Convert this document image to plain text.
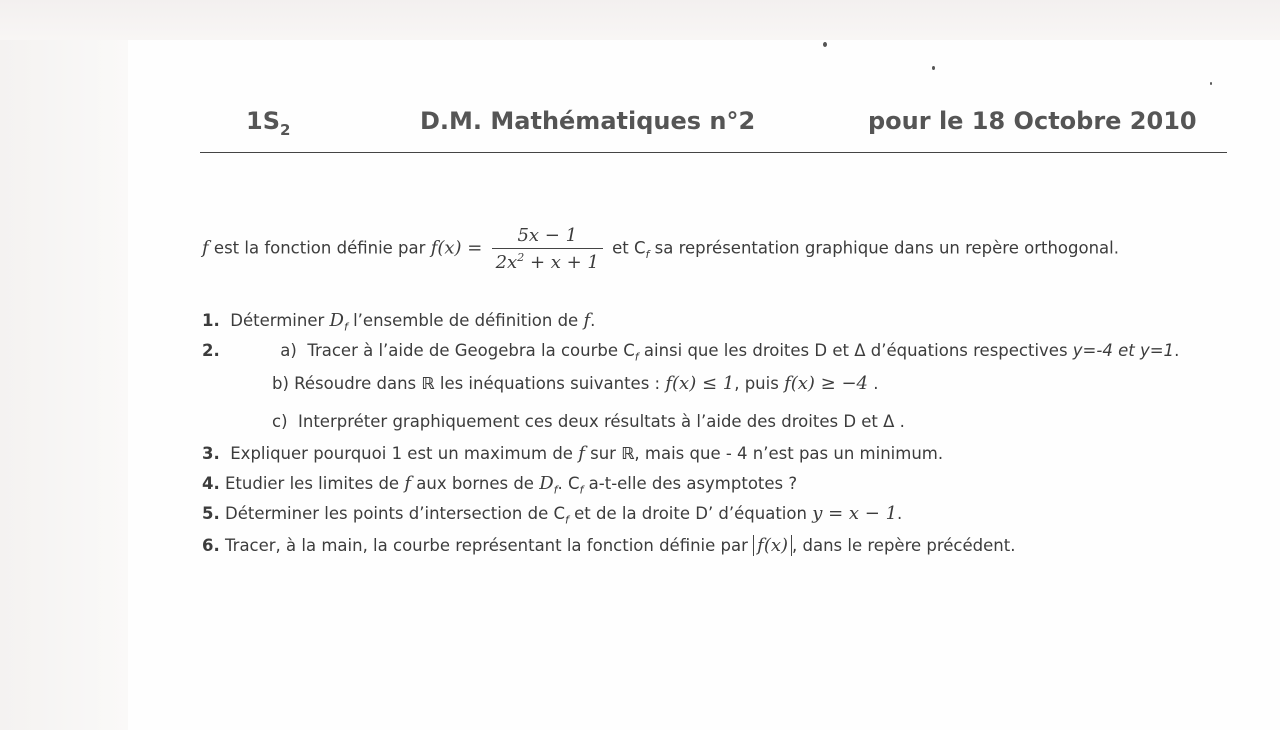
$1S_2$	D.M. Mathématiques n°2	pour le 18 Octobre 2010
f est la fonction définie par $f(x) = \frac{5x - 1}{2x^2 + x + 1}$ et $C_f$ sa représentation graphique dans un repère orthogonal.
1. Déterminer $D_f$ l’ensemble de définition de f.
2.	a) Tracer à l’aide de Geogebra la courbe $C_f$ ainsi que les droites D et Δ d’équations respectives y=-4 et y=1.
b) Résoudre dans ℝ les inéquations suivantes : f(x) ≤ 1, puis f(x) ≥ −4 .
c) Interpréter graphiquement ces deux résultats à l’aide des droites D et Δ .
3. Expliquer pourquoi 1 est un maximum de f sur ℝ, mais que - 4 n’est pas un minimum.
4. Etudier les limites de f aux bornes de $D_f$. $C_f$ a-t-elle des asymptotes ?
5. Déterminer les points d’intersection de $C_f$ et de la droite D’ d’équation y = x − 1.
6. Tracer, à la main, la courbe représentant la fonction définie par f(x) , dans le repère précédent.
